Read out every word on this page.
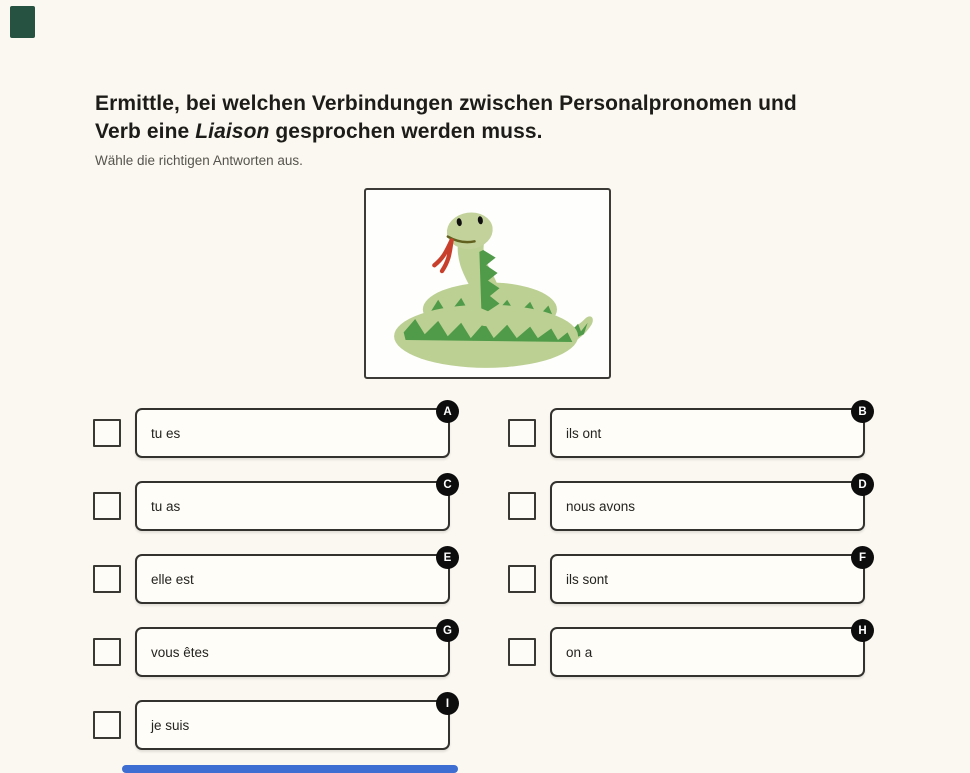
Ermittle, bei welchen Verbindungen zwischen Personalpronomen und
Verb eine Liaison gesprochen werden muss.

Wähle die richtigen Antworten aus.

tu es
A
tu as
C
elle est
E
vous êtes
G
je suis
I
ils ont
B
nous avons
D
ils sont
F
on a
H
